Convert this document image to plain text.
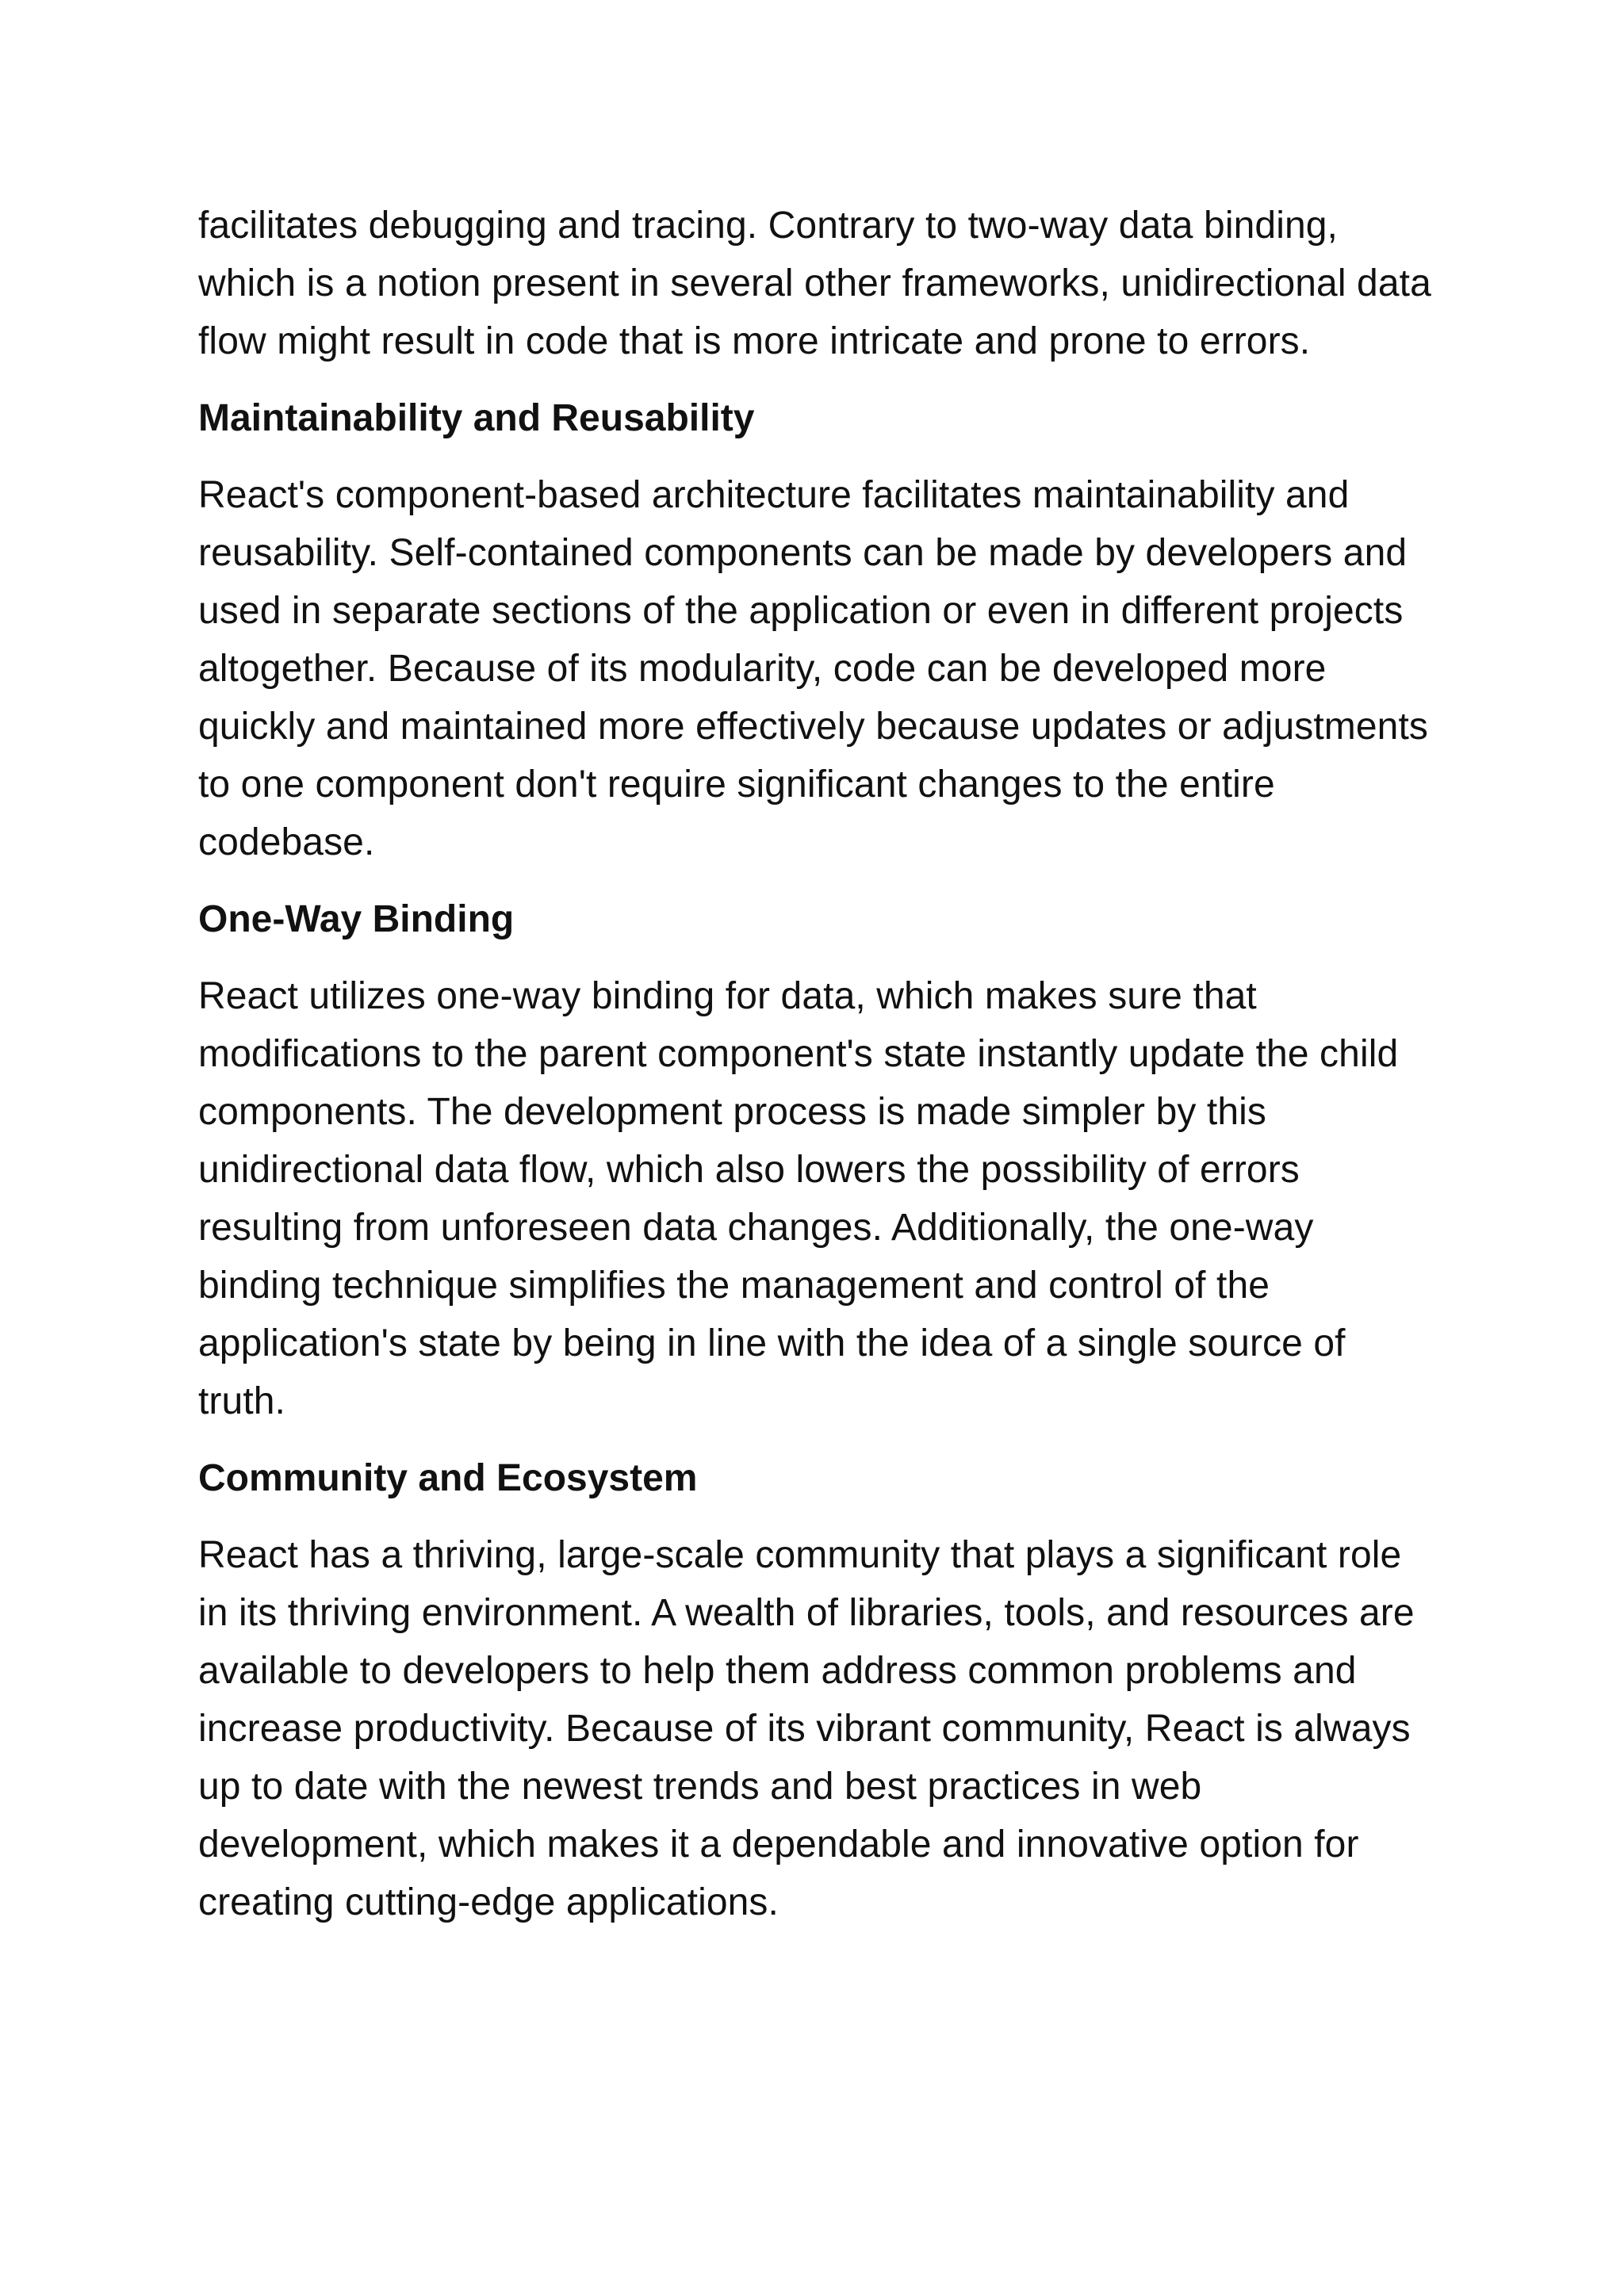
facilitates debugging and tracing. Contrary to two-way data binding, which is a notion present in several other frameworks, unidirectional data flow might result in code that is more intricate and prone to errors.

Maintainability and Reusability

React's component-based architecture facilitates maintainability and reusability. Self-contained components can be made by developers and used in separate sections of the application or even in different projects altogether. Because of its modularity, code can be developed more quickly and maintained more effectively because updates or adjustments to one component don't require significant changes to the entire codebase.

One-Way Binding

React utilizes one-way binding for data, which makes sure that modifications to the parent component's state instantly update the child components. The development process is made simpler by this unidirectional data flow, which also lowers the possibility of errors resulting from unforeseen data changes. Additionally, the one-way binding technique simplifies the management and control of the application's state by being in line with the idea of a single source of truth.

Community and Ecosystem

React has a thriving, large-scale community that plays a significant role in its thriving environment. A wealth of libraries, tools, and resources are available to developers to help them address common problems and increase productivity. Because of its vibrant community, React is always up to date with the newest trends and best practices in web development, which makes it a dependable and innovative option for creating cutting-edge applications.
